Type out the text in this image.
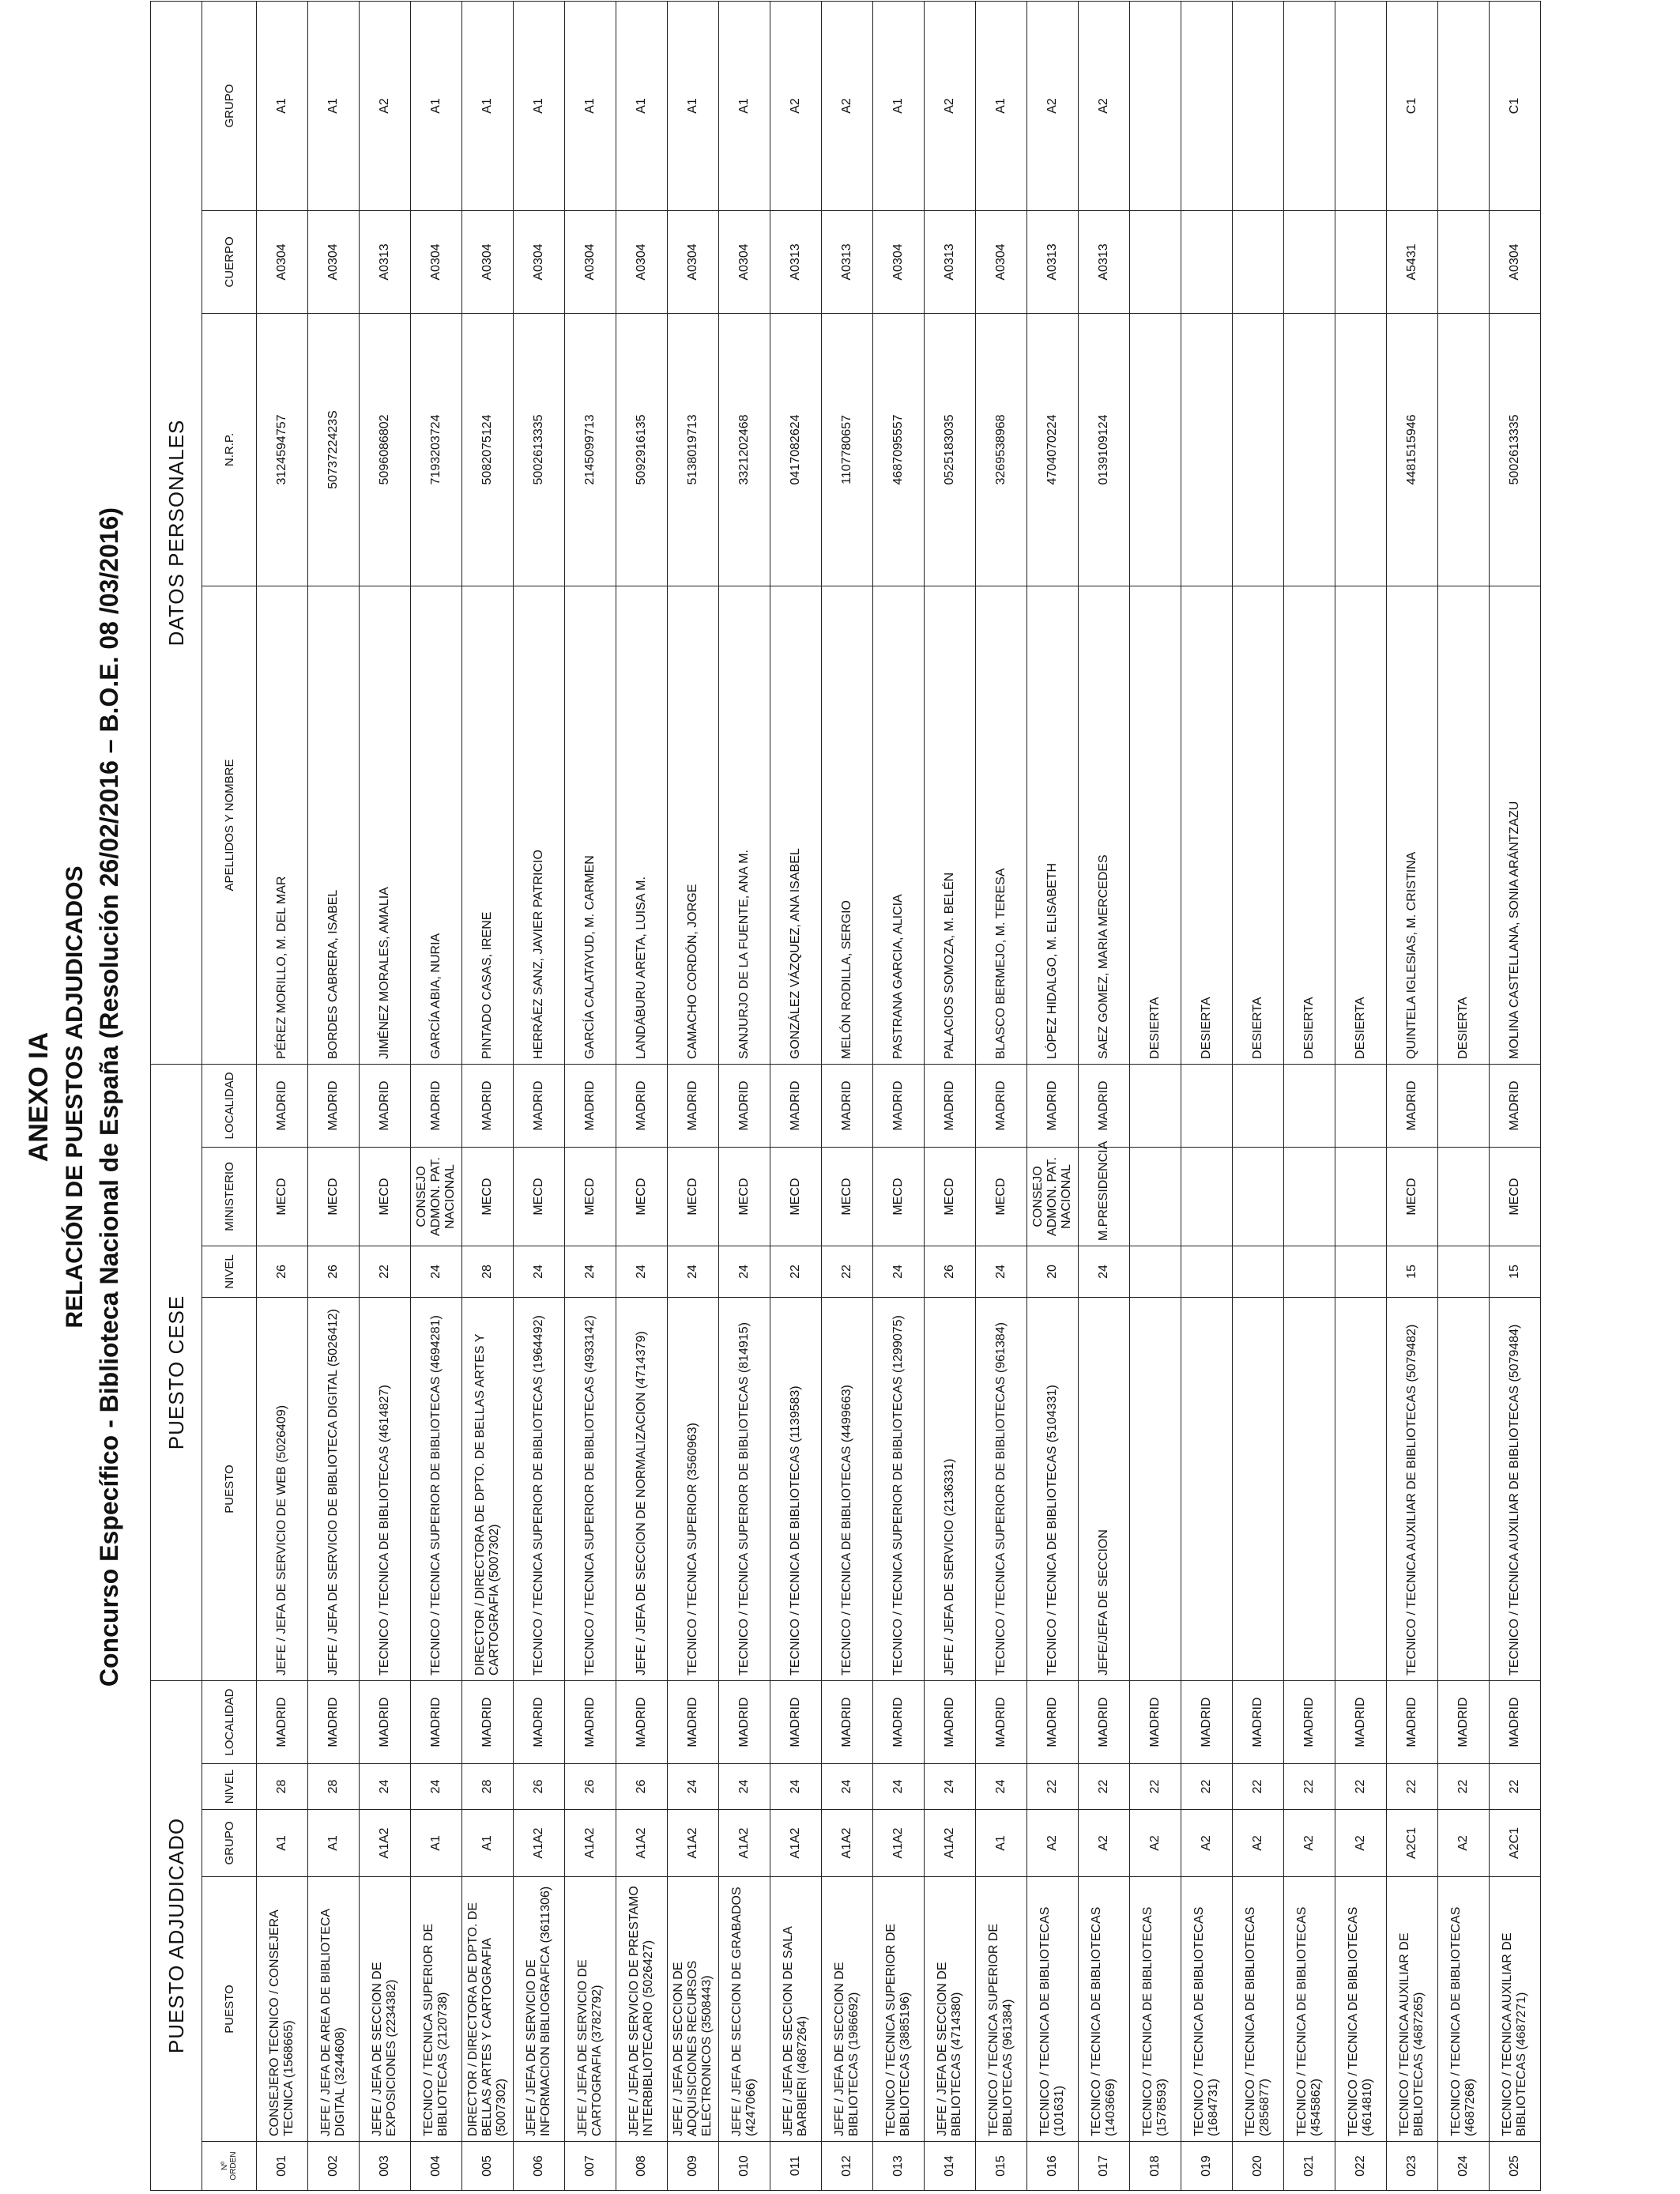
ANEXO IA RELACIÓN DE PUESTOS ADJUDICADOS Concurso Específico - Biblioteca Nacional de España (Resolución 26/02/2016 – B.O.E. 08 /03/2016)
PUESTO ADJUDICADO					PUESTO CESE				DATOS PERSONALES			
Nº ORDEN	PUESTO	GRUPO	NIVEL	LOCALIDAD	PUESTO	NIVEL	MINISTERIO	LOCALIDAD	APELLIDOS Y NOMBRE	N.R.P.	CUERPO	GRUPO
001	CONSEJERO TECNICO / CONSEJERA TECNICA (1568665)	A1	28	MADRID	JEFE / JEFA DE SERVICIO DE WEB (5026409)	26	MECD	MADRID	PÉREZ MORILLO, M. DEL MAR	3124594757	A0304	A1
002	JEFE / JEFA DE AREA DE BIBLIOTECA DIGITAL (3244608)	A1	28	MADRID	JEFE / JEFA DE SERVICIO DE BIBLIOTECA DIGITAL (5026412)	26	MECD	MADRID	BORDES CABRERA, ISABEL	5073722423S	A0304	A1
003	JEFE / JEFA DE SECCION DE EXPOSICIONES (2234382)	A1A2	24	MADRID	TECNICO / TECNICA DE BIBLIOTECAS (4614827)	22	MECD	MADRID	JIMÉNEZ MORALES, AMALIA	5096086802	A0313	A2
004	TECNICO / TECNICA SUPERIOR DE BIBLIOTECAS (2120738)	A1	24	MADRID	TECNICO / TECNICA SUPERIOR DE BIBLIOTECAS (4694281)	24	CONSEJO ADMON. PAT. NACIONAL	MADRID	GARCÍA ABIA, NURIA	7193203724	A0304	A1
005	DIRECTOR / DIRECTORA DE DPTO. DE BELLAS ARTES Y CARTOGRAFIA (5007302)	A1	28	MADRID	DIRECTOR / DIRECTORA DE DPTO. DE BELLAS ARTES Y CARTOGRAFIA (5007302)	28	MECD	MADRID	PINTADO CASAS, IRENE	5082075124	A0304	A1
006	JEFE / JEFA DE SERVICIO DE INFORMACION BIBLIOGRAFICA (3611306)	A1A2	26	MADRID	TECNICO / TECNICA SUPERIOR DE BIBLIOTECAS (1964492)	24	MECD	MADRID	HERRÁEZ SANZ, JAVIER PATRICIO	5002613335	A0304	A1
007	JEFE / JEFA DE SERVICIO DE CARTOGRAFIA (3782792)	A1A2	26	MADRID	TECNICO / TECNICA SUPERIOR DE BIBLIOTECAS (4933142)	24	MECD	MADRID	GARCÍA CALATAYUD, M. CARMEN	2145099713	A0304	A1
008	JEFE / JEFA DE SERVICIO DE PRESTAMO INTERBIBLIOTECARIO (5026427)	A1A2	26	MADRID	JEFE / JEFA DE SECCION DE NORMALIZACION (4714379)	24	MECD	MADRID	LANDÁBURU ARETA, LUISA M.	5092916135	A0304	A1
009	JEFE / JEFA DE SECCION DE ADQUISICIONES RECURSOS ELECTRONICOS (3508443)	A1A2	24	MADRID	TECNICO / TECNICA SUPERIOR (3560963)	24	MECD	MADRID	CAMACHO CORDÓN, JORGE	5138019713	A0304	A1
010	JEFE / JEFA DE SECCION DE GRABADOS (4247066)	A1A2	24	MADRID	TECNICO / TECNICA SUPERIOR DE BIBLIOTECAS (814915)	24	MECD	MADRID	SANJURJO DE LA FUENTE, ANA M.	3321202468	A0304	A1
011	JEFE / JEFA DE SECCION DE SALA BARBIERI (4687264)	A1A2	24	MADRID	TECNICO / TECNICA DE BIBLIOTECAS (1139583)	22	MECD	MADRID	GONZÁLEZ VÁZQUEZ, ANA ISABEL	0417082624	A0313	A2
012	JEFE / JEFA DE SECCION DE BIBLIOTECAS (1986692)	A1A2	24	MADRID	TECNICO / TECNICA DE BIBLIOTECAS (4499663)	22	MECD	MADRID	MELÓN RODILLA, SERGIO	1107780657	A0313	A2
013	TECNICO / TECNICA SUPERIOR DE BIBLIOTECAS (3885196)	A1A2	24	MADRID	TECNICO / TECNICA SUPERIOR DE BIBLIOTECAS (1299075)	24	MECD	MADRID	PASTRANA GARCIA, ALICIA	4687095557	A0304	A1
014	JEFE / JEFA DE SECCION DE BIBLIOTECAS (4714380)	A1A2	24	MADRID	JEFE / JEFA DE SERVICIO (2136331)	26	MECD	MADRID	PALACIOS SOMOZA, M. BELÉN	0525183035	A0313	A2
015	TECNICO / TECNICA SUPERIOR DE BIBLIOTECAS (961384)	A1	24	MADRID	TECNICO / TECNICA SUPERIOR DE BIBLIOTECAS (961384)	24	MECD	MADRID	BLASCO BERMEJO, M. TERESA	3269538968	A0304	A1
016	TECNICO / TECNICA DE BIBLIOTECAS (101631)	A2	22	MADRID	TECNICO / TECNICA DE BIBLIOTECAS (5104331)	20	CONSEJO ADMON. PAT. NACIONAL	MADRID	LÓPEZ HIDALGO, M. ELISABETH	4704070224	A0313	A2
017	TECNICO / TECNICA DE BIBLIOTECAS (1403669)	A2	22	MADRID	JEFE/JEFA DE SECCION	24	M.PRESIDENCIA	MADRID	SAEZ GOMEZ, MARIA MERCEDES	0139109124	A0313	A2
018	TECNICO / TECNICA DE BIBLIOTECAS (1578593)	A2	22	MADRID					DESIERTA			
019	TECNICO / TECNICA DE BIBLIOTECAS (1684731)	A2	22	MADRID					DESIERTA			
020	TECNICO / TECNICA DE BIBLIOTECAS (2856877)	A2	22	MADRID					DESIERTA			
021	TECNICO / TECNICA DE BIBLIOTECAS (4545862)	A2	22	MADRID					DESIERTA			
022	TECNICO / TECNICA DE BIBLIOTECAS (4614810)	A2	22	MADRID					DESIERTA			
023	TECNICO / TECNICA AUXILIAR DE BIBLIOTECAS (4687265)	A2C1	22	MADRID	TECNICO / TECNICA AUXILIAR DE BIBLIOTECAS (5079482)	15	MECD	MADRID	QUINTELA IGLESIAS, M. CRISTINA	4481515946	A5431	C1
024	TECNICO / TECNICA DE BIBLIOTECAS (4687268)	A2	22	MADRID					DESIERTA			
025	TECNICO / TECNICA AUXILIAR DE BIBLIOTECAS (4687271)	A2C1	22	MADRID	TECNICO / TECNICA AUXILIAR DE BIBLIOTECAS (5079484)	15	MECD	MADRID	MOLINA CASTELLANA, SONIA ARÁNTZAZU	5002613335	A0304	C1
